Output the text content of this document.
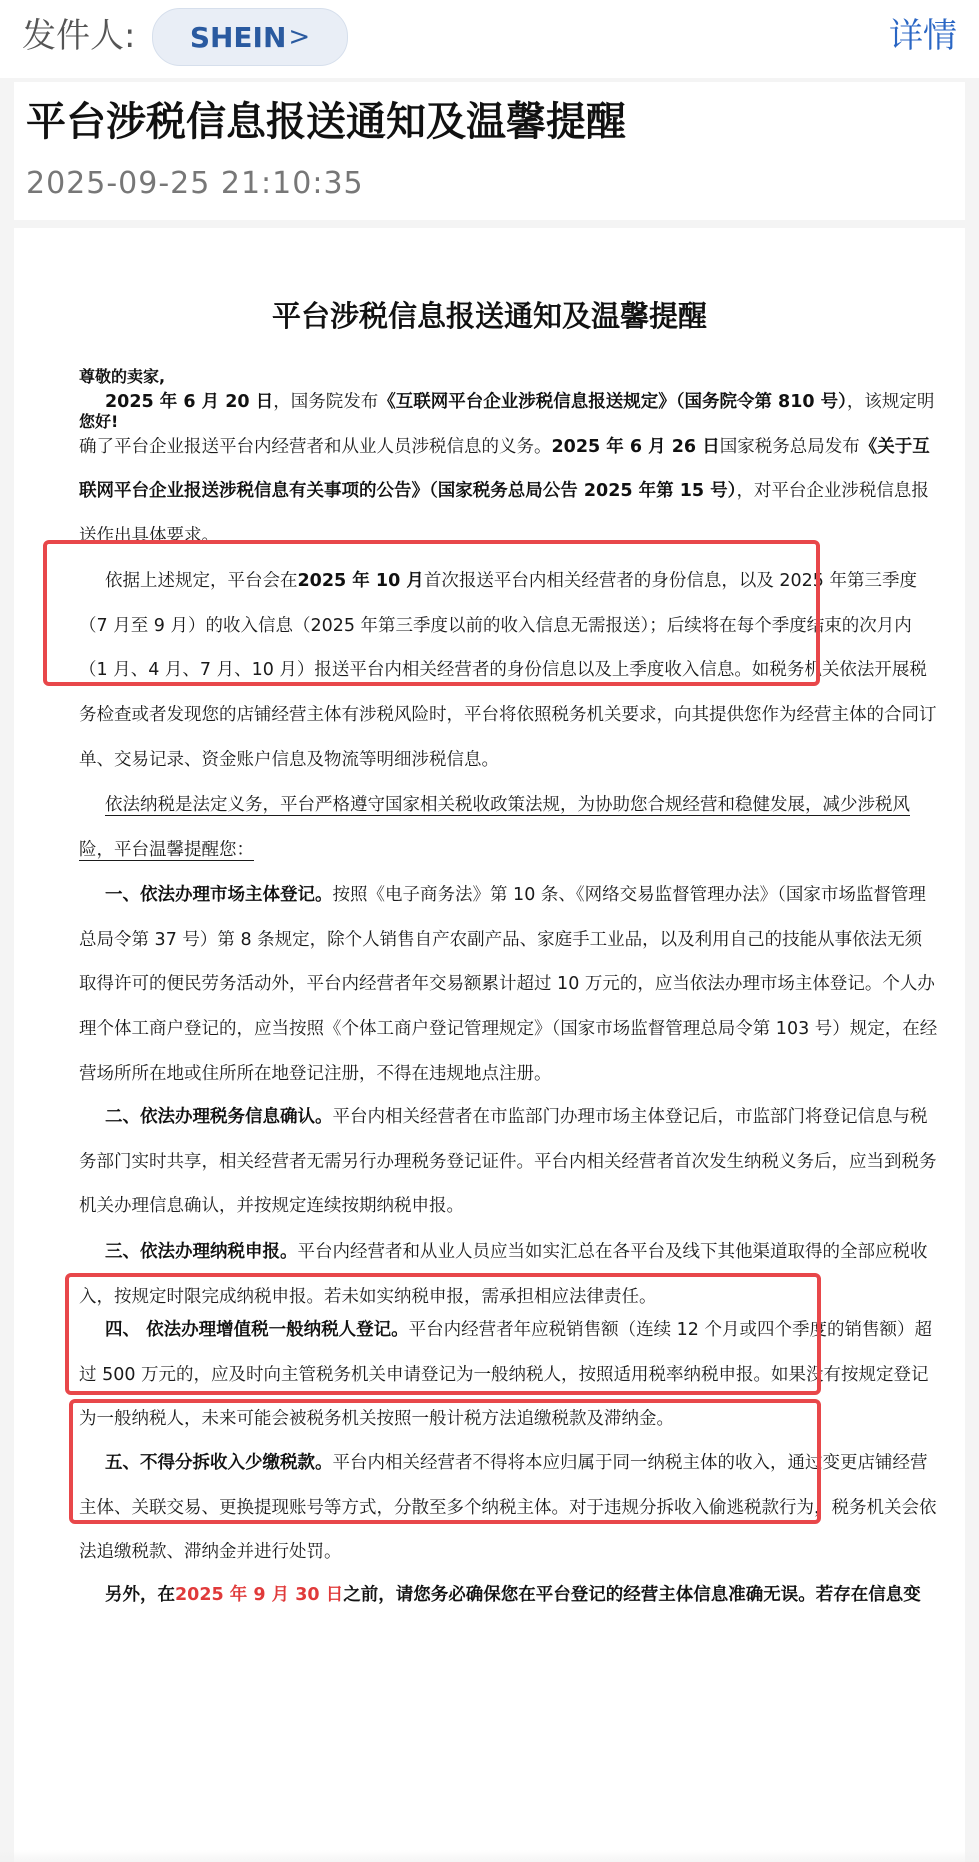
发件人: SHEIN >	详情
平台涉税信息报送通知及温馨提醒
2025-09-25 21:10:35
平台涉税信息报送通知及温馨提醒
尊敬的卖家,
您好!
2025 年 6 月 20 日，国务院发布《互联网平台企业涉税信息报送规定》（国务院令第 810 号），该规定明确了平台企业报送平台内经营者和从业人员涉税信息的义务。2025 年 6 月 26 日国家税务总局发布《关于互联网平台企业报送涉税信息有关事项的公告》（国家税务总局公告 2025 年第 15 号），对平台企业涉税信息报送作出具体要求。
依据上述规定，平台会在2025 年 10 月首次报送平台内相关经营者的身份信息，以及 2025 年第三季度（7 月至 9 月）的收入信息（2025 年第三季度以前的收入信息无需报送）；后续将在每个季度结束的次月内（1 月、4 月、7 月、10 月）报送平台内相关经营者的身份信息以及上季度收入信息。如税务机关依法开展税务检查或者发现您的店铺经营主体有涉税风险时，平台将依照税务机关要求，向其提供您作为经营主体的合同订单、交易记录、资金账户信息及物流等明细涉税信息。
依法纳税是法定义务，平台严格遵守国家相关税收政策法规，为协助您合规经营和稳健发展，减少涉税风险，平台温馨提醒您：
一、依法办理市场主体登记。按照《电子商务法》第 10 条、《网络交易监督管理办法》（国家市场监督管理总局令第 37 号）第 8 条规定，除个人销售自产农副产品、家庭手工业品，以及利用自己的技能从事依法无须取得许可的便民劳务活动外，平台内经营者年交易额累计超过 10 万元的，应当依法办理市场主体登记。个人办理个体工商户登记的，应当按照《个体工商户登记管理规定》（国家市场监督管理总局令第 103 号）规定，在经营场所所在地或住所所在地登记注册，不得在违规地点注册。
二、依法办理税务信息确认。平台内相关经营者在市监部门办理市场主体登记后，市监部门将登记信息与税务部门实时共享，相关经营者无需另行办理税务登记证件。平台内相关经营者首次发生纳税义务后，应当到税务机关办理信息确认，并按规定连续按期纳税申报。
三、依法办理纳税申报。平台内经营者和从业人员应当如实汇总在各平台及线下其他渠道取得的全部应税收入，按规定时限完成纳税申报。若未如实纳税申报，需承担相应法律责任。
四、 依法办理增值税一般纳税人登记。平台内经营者年应税销售额（连续 12 个月或四个季度的销售额）超过 500 万元的，应及时向主管税务机关申请登记为一般纳税人，按照适用税率纳税申报。如果没有按规定登记为一般纳税人，未来可能会被税务机关按照一般计税方法追缴税款及滞纳金。
五、不得分拆收入少缴税款。平台内相关经营者不得将本应归属于同一纳税主体的收入，通过变更店铺经营主体、关联交易、更换提现账号等方式，分散至多个纳税主体。对于违规分拆收入偷逃税款行为，税务机关会依法追缴税款、滞纳金并进行处罚。
另外，在2025 年 9 月 30 日之前，请您务必确保您在平台登记的经营主体信息准确无误。若存在信息变
